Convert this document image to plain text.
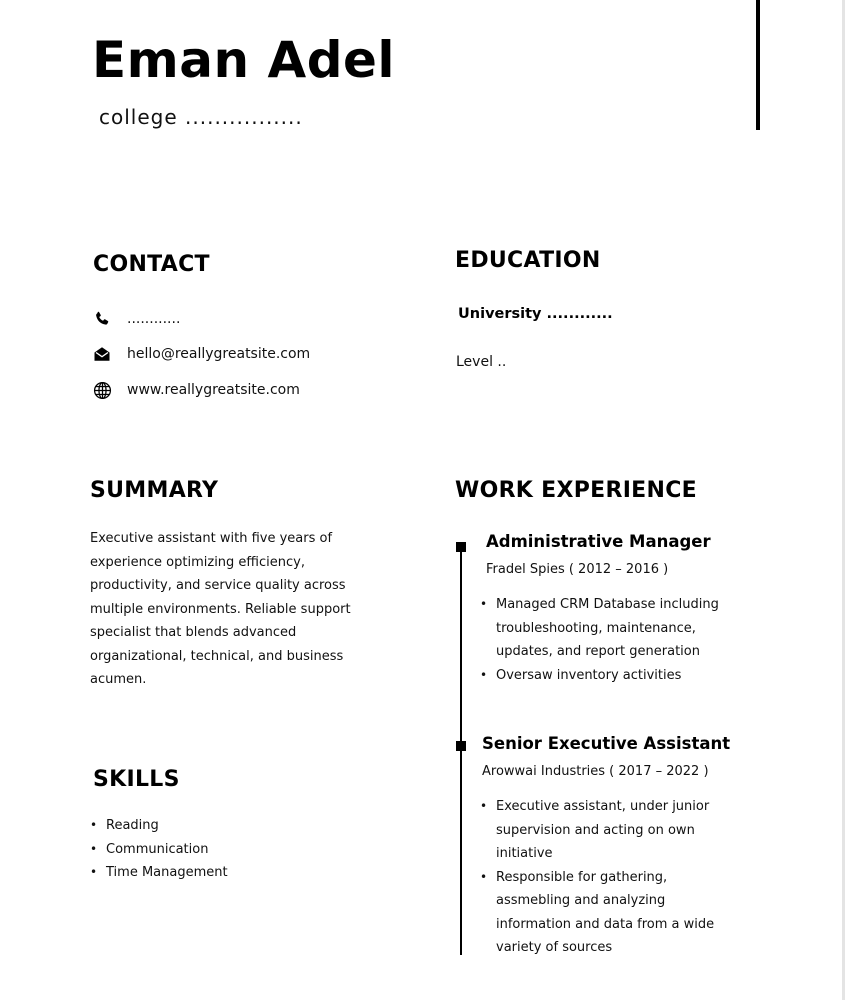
Eman Adel
college ................
CONTACT
............
hello@reallygreatsite.com
www.reallygreatsite.com
EDUCATION
University ............
Level ..
SUMMARY
Executive assistant with five years of
experience optimizing efficiency,
productivity, and service quality across
multiple environments. Reliable support
specialist that blends advanced
organizational, technical, and business
acumen.
SKILLS
• Reading
• Communication
• Time Management
WORK EXPERIENCE
Administrative Manager
Fradel Spies ( 2012 – 2016 )
• Managed CRM Database including
troubleshooting, maintenance,
updates, and report generation
• Oversaw inventory activities
Senior Executive Assistant
Arowwai Industries ( 2017 – 2022 )
• Executive assistant, under junior
supervision and acting on own
initiative
• Responsible for gathering,
assmebling and analyzing
information and data from a wide
variety of sources
